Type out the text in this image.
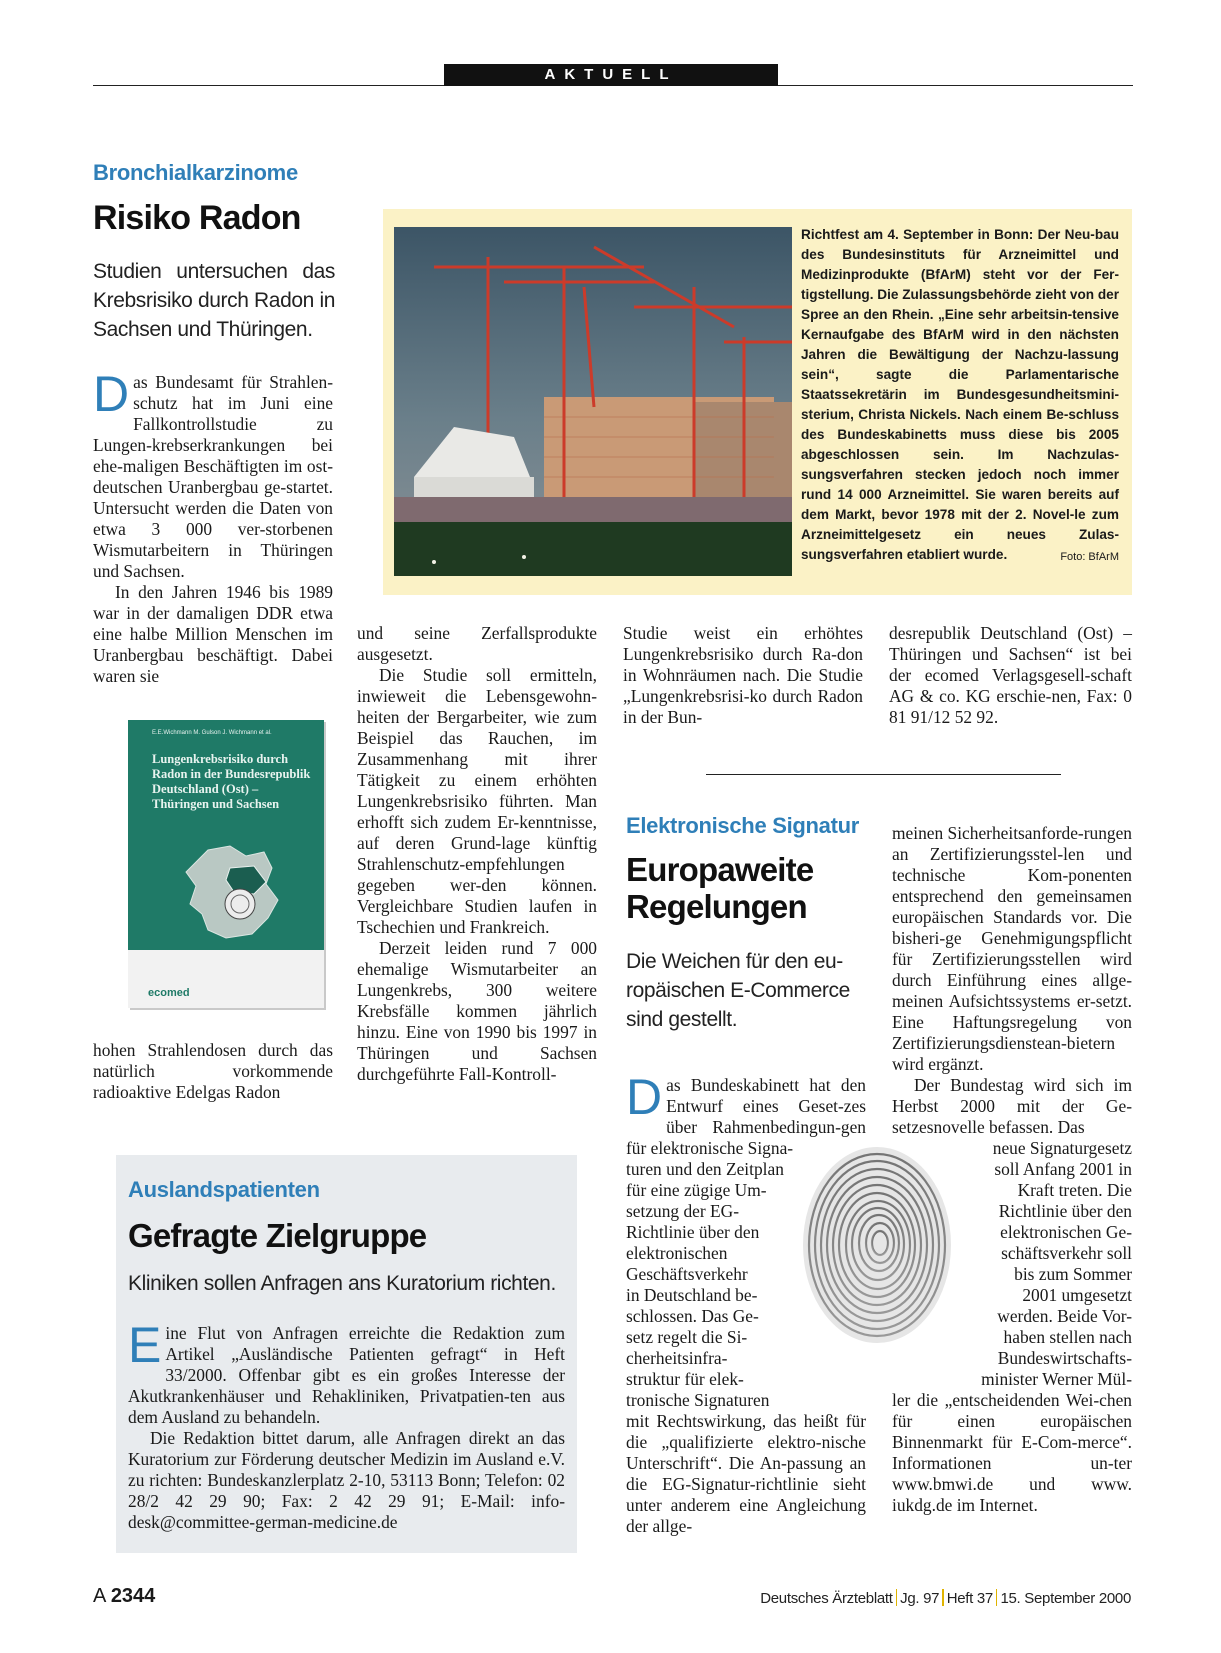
AKTUELL
Bronchialkarzinome
Risiko Radon
Studien untersuchen das Krebsrisiko durch Radon in Sachsen und Thüringen.

Das Bundesamt für Strahlen-schutz hat im Juni eine Fallkontrollstudie zu Lungen-krebserkrankungen bei ehe-maligen Beschäftigten im ost-deutschen Uranbergbau ge-startet. Untersucht werden die Daten von etwa 3 000 ver-storbenen Wismutarbeitern in Thüringen und Sachsen.

In den Jahren 1946 bis 1989 war in der damaligen DDR etwa eine halbe Million Menschen im Uranbergbau beschäftigt. Dabei waren sie

E.E.Wichmann M. Gulson J. Wichmann et al.
Lungenkrebsrisiko durch Radon in der Bundesrepublik Deutschland (Ost) – Thüringen und Sachsen

ecomed

hohen Strahlendosen durch das natürlich vorkommende radioaktive Edelgas Radon

und seine Zerfallsprodukte ausgesetzt.

Die Studie soll ermitteln, inwieweit die Lebensgewohn-heiten der Bergarbeiter, wie zum Beispiel das Rauchen, im Zusammenhang mit ihrer Tätigkeit zu einem erhöhten Lungenkrebsrisiko führten. Man erhofft sich zudem Er-kenntnisse, auf deren Grund-lage künftig Strahlenschutz-empfehlungen gegeben wer-den können. Vergleichbare Studien laufen in Tschechien und Frankreich.

Derzeit leiden rund 7 000 ehemalige Wismutarbeiter an Lungenkrebs, 300 weitere Krebsfälle kommen jährlich hinzu. Eine von 1990 bis 1997 in Thüringen und Sachsen durchgeführte Fall-Kontroll-

Studie weist ein erhöhtes Lungenkrebsrisiko durch Ra-don in Wohnräumen nach. Die Studie „Lungenkrebsrisi-ko durch Radon in der Bun-

desrepublik Deutschland (Ost) – Thüringen und Sachsen“ ist bei der ecomed Verlagsgesell-schaft AG & co. KG erschie-nen, Fax: 0 81 91/12 52 92.

Richtfest am 4. September in Bonn: Der Neu-bau des Bundesinstituts für Arzneimittel und Medizinprodukte (BfArM) steht vor der Fer-tigstellung. Die Zulassungsbehörde zieht von der Spree an den Rhein. „Eine sehr arbeitsin-tensive Kernaufgabe des BfArM wird in den nächsten Jahren die Bewältigung der Nachzu-lassung sein“, sagte die Parlamentarische Staatssekretärin im Bundesgesundheitsmini-sterium, Christa Nickels. Nach einem Be-schluss des Bundeskabinetts muss diese bis 2005 abgeschlossen sein. Im Nachzulas-sungsverfahren stecken jedoch noch immer rund 14 000 Arzneimittel. Sie waren bereits auf dem Markt, bevor 1978 mit der 2. Novel-le zum Arzneimittelgesetz ein neues Zulas-sungsverfahren etabliert wurde.	Foto: BfArM
Auslandspatienten
Gefragte Zielgruppe
Kliniken sollen Anfragen ans Kuratorium richten.

Eine Flut von Anfragen erreichte die Redaktion zum Artikel „Ausländische Patienten gefragt“ in Heft 33/2000. Offenbar gibt es ein großes Interesse der Akutkrankenhäuser und Rehakliniken, Privatpatien-ten aus dem Ausland zu behandeln.

Die Redaktion bittet darum, alle Anfragen direkt an das Kuratorium zur Förderung deutscher Medizin im Ausland e.V. zu richten: Bundeskanzlerplatz 2-10, 53113 Bonn; Telefon: 02 28/2 42 29 90; Fax: 2 42 29 91; E-Mail: info-desk@committee-german-medicine.de

Elektronische Signatur
Europaweite
Regelungen
Die Weichen für den eu-ropäischen E-Commerce sind gestellt.

Das Bundeskabinett hat den Entwurf eines Geset-zes über Rahmenbedingun-gen für elektronische Signa-

turen und den Zeitplan
für eine zügige Um-
setzung der EG-
Richtlinie über den
elektronischen
Geschäftsverkehr
in Deutschland be-
schlossen. Das Ge-
setz regelt die Si-
cherheitsinfra-
struktur für elek-
tronische Signaturen

mit Rechtswirkung, das heißt für die „qualifizierte elektro-nische Unterschrift“. Die An-passung an die EG-Signatur-richtlinie sieht unter anderem eine Angleichung der allge-

meinen Sicherheitsanforde-rungen an Zertifizierungsstel-len und technische Kom-ponenten entsprechend den gemeinsamen europäischen Standards vor. Die bisheri-ge Genehmigungspflicht für Zertifizierungsstellen wird durch Einführung eines allge-meinen Aufsichtssystems er-setzt. Eine Haftungsregelung von Zertifizierungsdienstean-bietern wird ergänzt.

Der Bundestag wird sich im Herbst 2000 mit der Ge-setzesnovelle befassen. Das

neue Signaturgesetz
soll Anfang 2001 in
Kraft treten. Die
Richtlinie über den
elektronischen Ge-
schäftsverkehr soll
bis zum Sommer
2001 umgesetzt
werden. Beide Vor-
haben stellen nach
Bundeswirtschafts-
minister Werner Mül-

ler die „entscheidenden Wei-chen für einen europäischen Binnenmarkt für E-Com-merce“. Informationen un-ter www.bmwi.de und www. iukdg.de im Internet.

A 2344	Deutsches Ärzteblatt Jg. 97 Heft 37 15. September 2000
